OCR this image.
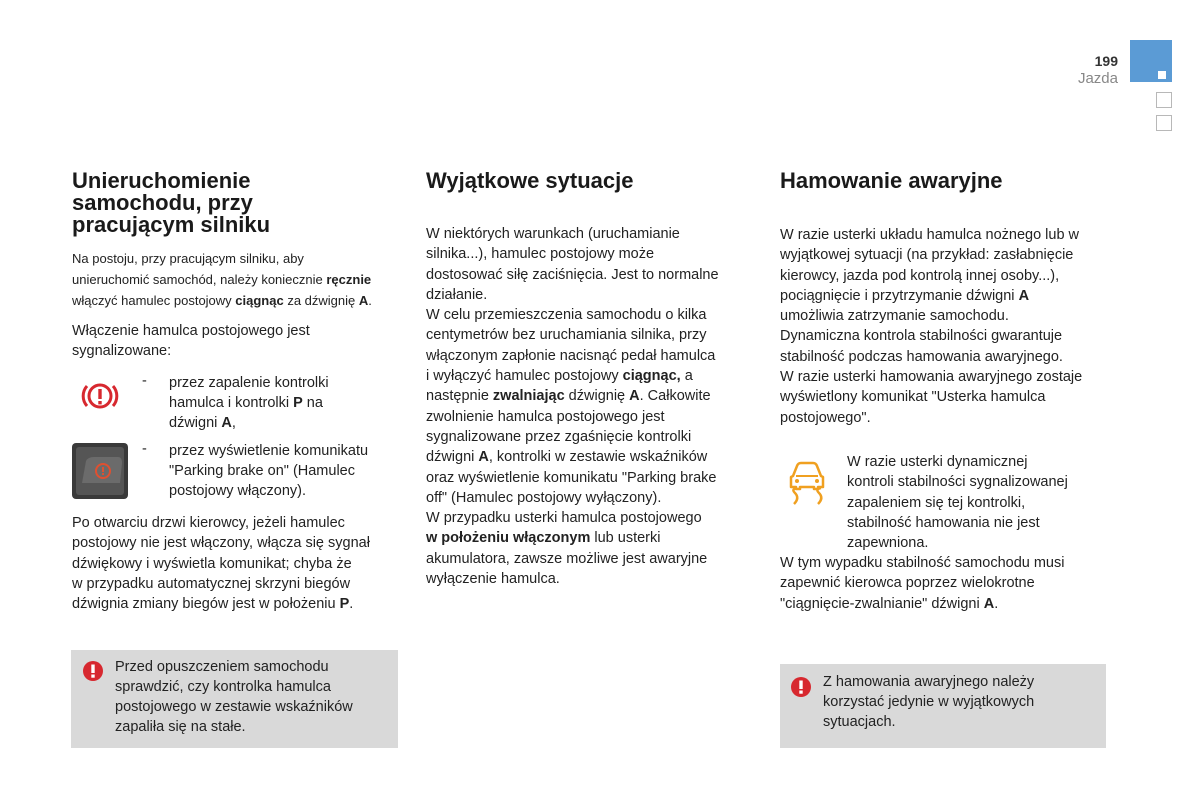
199
Jazda
Unieruchomienie
samochodu, przy
pracującym silniku
Na postoju, przy pracującym silniku, aby
unieruchomić samochód, należy koniecznie ręcznie
włączyć hamulec postojowy ciągnąc za dźwignię A.
Włączenie hamulca postojowego jest
sygnalizowane:
- przez zapalenie kontrolki
hamulca i kontrolki P na
dźwigni A,
- przez wyświetlenie komunikatu
"Parking brake on" (Hamulec
postojowy włączony).
Po otwarciu drzwi kierowcy, jeżeli hamulec
postojowy nie jest włączony, włącza się sygnał
dźwiękowy i wyświetla komunikat; chyba że
w przypadku automatycznej skrzyni biegów
dźwignia zmiany biegów jest w położeniu P.
Przed opuszczeniem samochodu
sprawdzić, czy kontrolka hamulca
postojowego w zestawie wskaźników
zapaliła się na stałe.
Wyjątkowe sytuacje
W niektórych warunkach (uruchamianie
silnika...), hamulec postojowy może
dostosować siłę zaciśnięcia. Jest to normalne
działanie.
W celu przemieszczenia samochodu o kilka
centymetrów bez uruchamiania silnika, przy
włączonym zapłonie nacisnąć pedał hamulca
i wyłączyć hamulec postojowy ciągnąc, a
następnie zwalniając dźwignię A. Całkowite
zwolnienie hamulca postojowego jest
sygnalizowane przez zgaśnięcie kontrolki
dźwigni A, kontrolki w zestawie wskaźników
oraz wyświetlenie komunikatu "Parking brake
off" (Hamulec postojowy wyłączony).
W przypadku usterki hamulca postojowego
w położeniu włączonym lub usterki
akumulatora, zawsze możliwe jest awaryjne
wyłączenie hamulca.
Hamowanie awaryjne
W razie usterki układu hamulca nożnego lub w
wyjątkowej sytuacji (na przykład: zasłabnięcie
kierowcy, jazda pod kontrolą innej osoby...),
pociągnięcie i przytrzymanie dźwigni A
umożliwia zatrzymanie samochodu.
Dynamiczna kontrola stabilności gwarantuje
stabilność podczas hamowania awaryjnego.
W razie usterki hamowania awaryjnego zostaje
wyświetlony komunikat "Usterka hamulca
postojowego".
W razie usterki dynamicznej
kontroli stabilności sygnalizowanej
zapaleniem się tej kontrolki,
stabilność hamowania nie jest
zapewniona.
W tym wypadku stabilność samochodu musi
zapewnić kierowca poprzez wielokrotne
"ciągnięcie-zwalnianie" dźwigni A.
Z hamowania awaryjnego należy
korzystać jedynie w wyjątkowych
sytuacjach.
